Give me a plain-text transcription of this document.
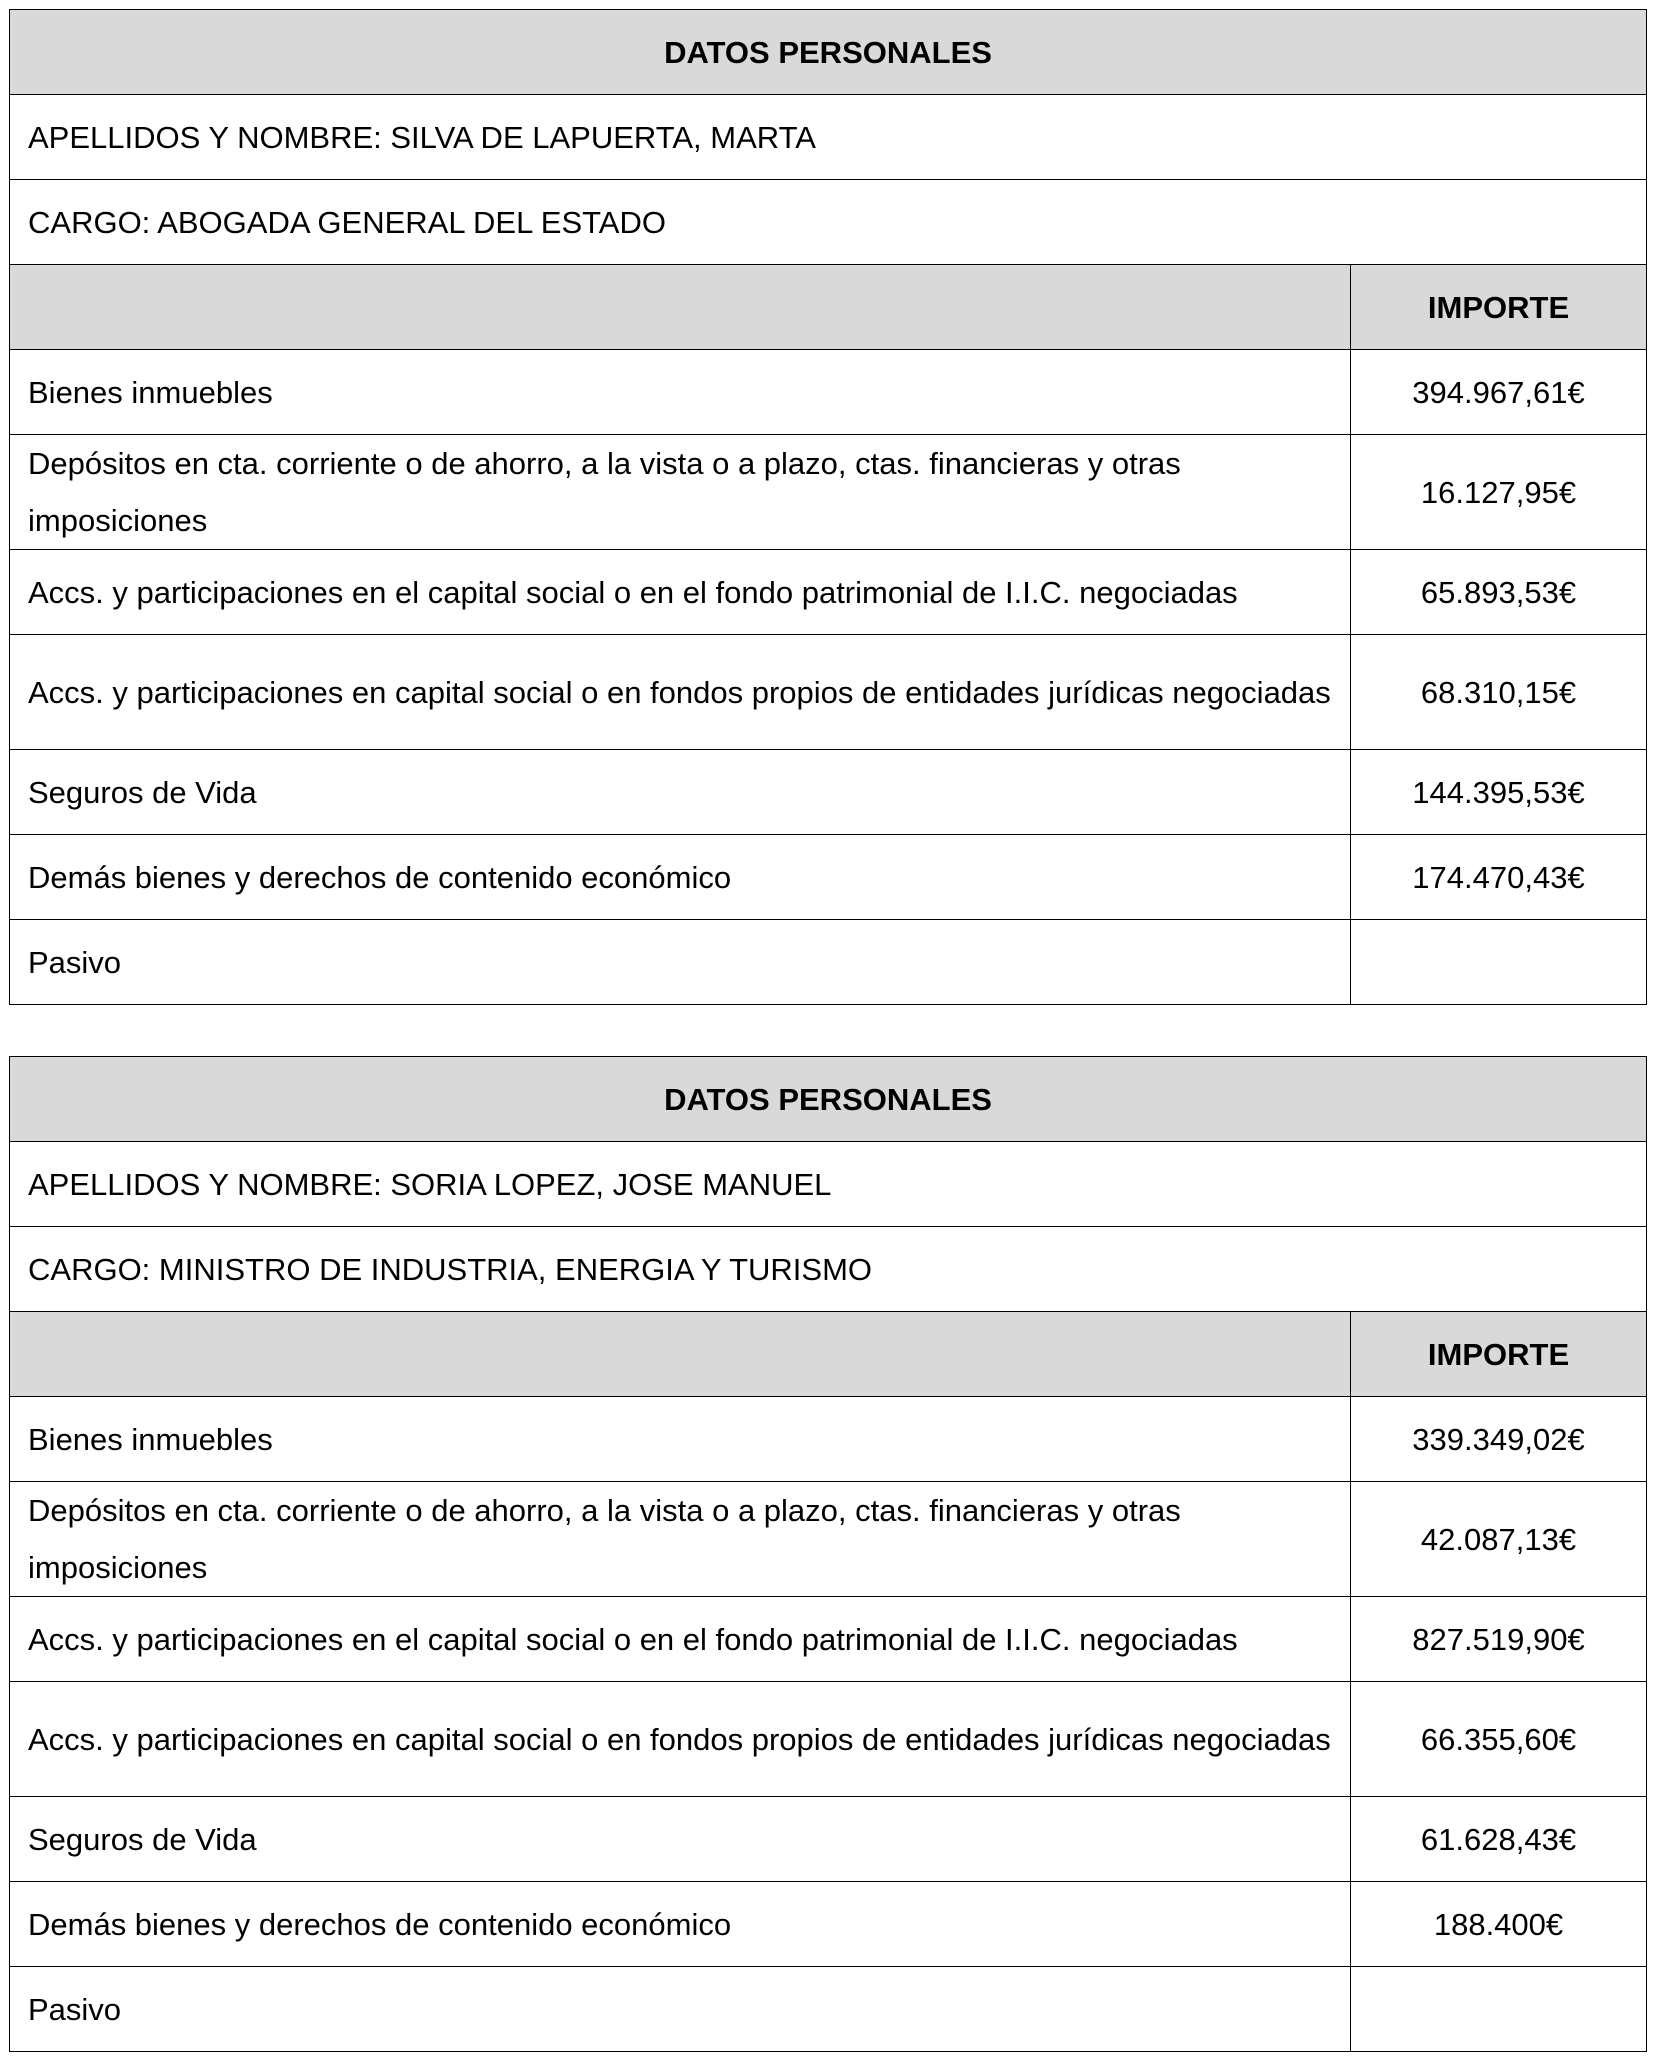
DATOS PERSONALES	
APELLIDOS Y NOMBRE: SILVA DE LAPUERTA, MARTA	
CARGO: ABOGADA GENERAL DEL ESTADO	
	IMPORTE
Bienes inmuebles	394.967,61€
Depósitos en cta. corriente o de ahorro, a la vista o a plazo, ctas. financieras y otras imposiciones	16.127,95€
Accs. y participaciones en el capital social o en el fondo patrimonial de I.I.C. negociadas	65.893,53€
Accs. y participaciones en capital social o en fondos propios de entidades jurídicas negociadas	68.310,15€
Seguros de Vida	144.395,53€
Demás bienes y derechos de contenido económico	174.470,43€
Pasivo	
DATOS PERSONALES	
APELLIDOS Y NOMBRE: SORIA LOPEZ, JOSE MANUEL	
CARGO: MINISTRO DE INDUSTRIA, ENERGIA Y TURISMO	
	IMPORTE
Bienes inmuebles	339.349,02€
Depósitos en cta. corriente o de ahorro, a la vista o a plazo, ctas. financieras y otras imposiciones	42.087,13€
Accs. y participaciones en el capital social o en el fondo patrimonial de I.I.C. negociadas	827.519,90€
Accs. y participaciones en capital social o en fondos propios de entidades jurídicas negociadas	66.355,60€
Seguros de Vida	61.628,43€
Demás bienes y derechos de contenido económico	188.400€
Pasivo	
